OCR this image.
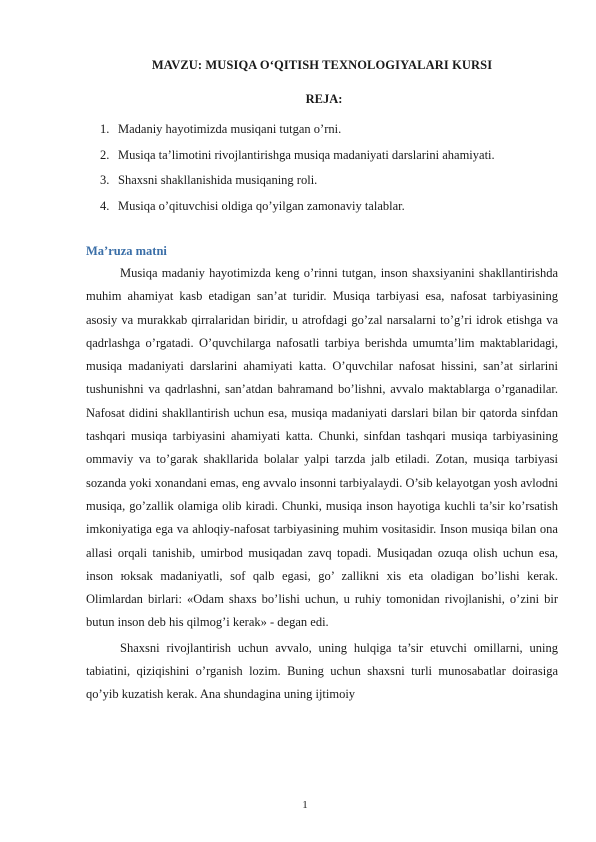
MAVZU: MUSIQA O‘QITISH TEXNOLOGIYALARI KURSI
REJA:
1. Madaniy hayotimizda musiqani tutgan o’rni.
2. Musiqa ta’limotini rivojlantirishga musiqa madaniyati darslarini ahamiyati.
3. Shaxsni shakllanishida musiqaning roli.
4. Musiqa o’qituvchisi oldiga qo’yilgan zamonaviy talablar.
Ma’ruza matni

Musiqa madaniy hayotimizda keng o’rinni tutgan, inson shaxsiyanini shakllantirishda muhim ahamiyat kasb etadigan san’at turidir. Musiqa tarbiyasi esa, nafosat tarbiyasining asosiy va murakkab qirralaridan biridir, u atrofdagi go’zal narsalarni to’g’ri idrok etishga va qadrlashga o’rgatadi. O’quvchilarga nafosatli tarbiya berishda umumta’lim maktablaridagi, musiqa madaniyati darslarini ahamiyati katta. O’quvchilar nafosat hissini, san’at sirlarini tushunishni va qadrlashni, san’atdan bahramand bo’lishni, avvalo maktablarga o’rganadilar. Nafosat didini shakllantirish uchun esa, musiqa madaniyati darslari bilan bir qatorda sinfdan tashqari musiqa tarbiyasini ahamiyati katta. Chunki, sinfdan tashqari musiqa tarbiyasining ommaviy va to’garak shakllarida bolalar yalpi tarzda jalb etiladi. Zotan, musiqa tarbiyasi sozanda yoki xonandani emas, eng avvalo insonni tarbiyalaydi. O’sib kelayotgan yosh avlodni musiqa, go’zallik olamiga olib kiradi. Chunki, musiqa inson hayotiga kuchli ta’sir ko’rsatish imkoniyatiga ega va ahloqiy-nafosat tarbiyasining muhim vositasidir. Inson musiqa bilan ona allasi orqali tanishib, umirbod musiqadan zavq topadi. Musiqadan ozuqa olish uchun esa, inson юksak madaniyatli, sof qalb egasi, go’ zallikni xis eta oladigan bo’lishi kerak. Olimlardan birlari: «Odam shaxs bo’lishi uchun, u ruhiy tomonidan rivojlanishi, o’zini bir butun inson deb his qilmog’i kerak» - degan edi.

Shaxsni rivojlantirish uchun avvalo, uning hulqiga ta’sir etuvchi omillarni, uning tabiatini, qiziqishini o’rganish lozim. Buning uchun shaxsni turli munosabatlar doirasiga qo’yib kuzatish kerak. Ana shundagina uning ijtimoiy

1
